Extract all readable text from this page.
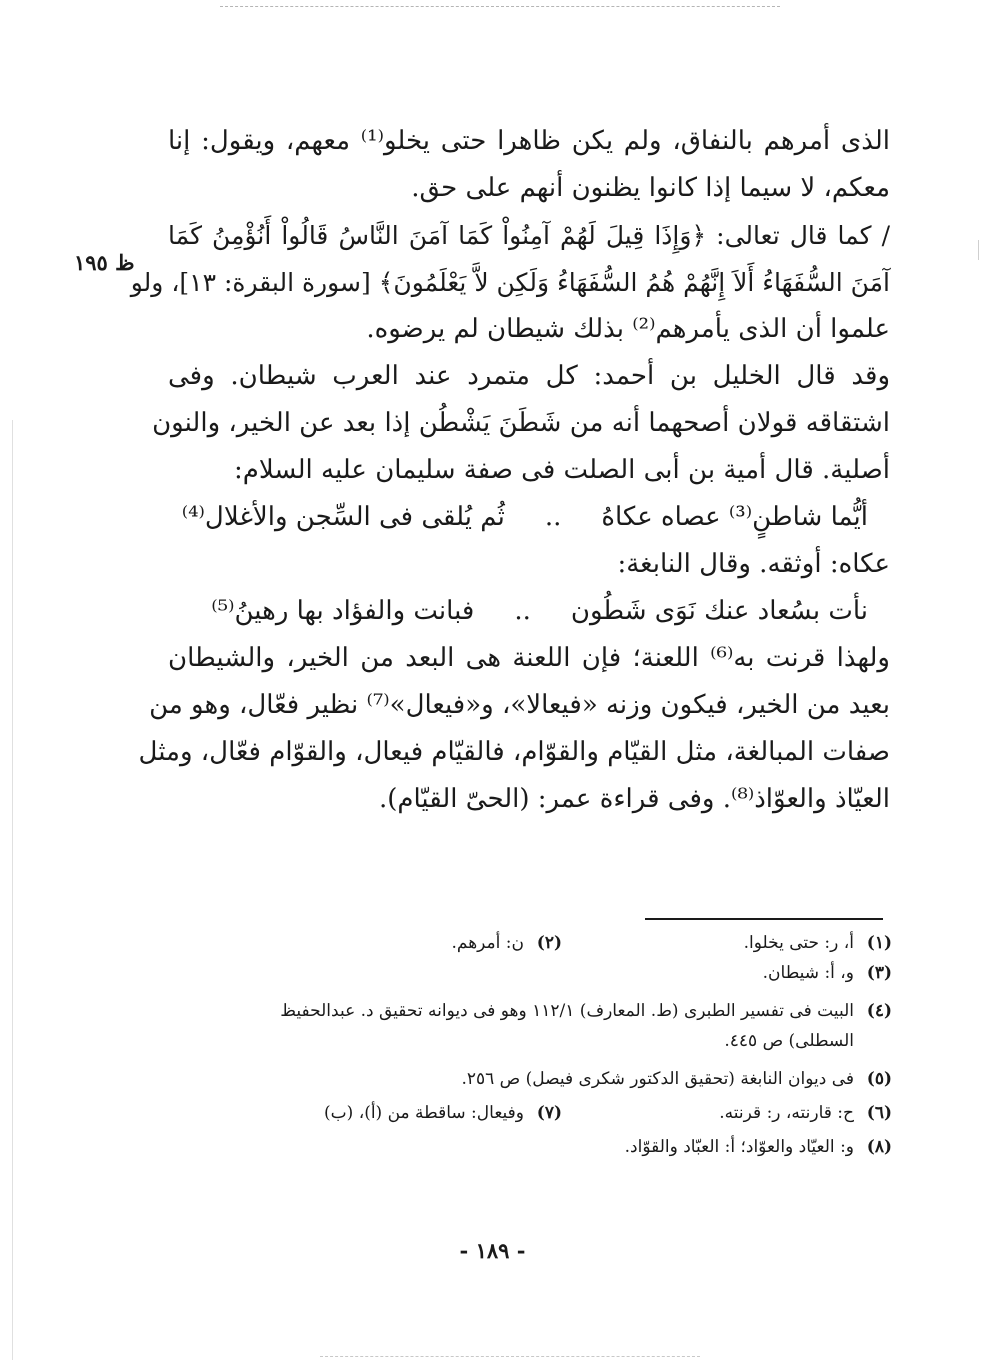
ظ ١٩٥
الذى أمرهم بالنفاق، ولم يكن ظاهرا حتى يخلو⁽¹⁾ معهم، ويقول: إنا
معكم، لا سيما إذا كانوا يظنون أنهم على حق.
/ كما قال تعالى: ﴿وَإِذَا قِيلَ لَهُمْ آمِنُواْ كَمَا آمَنَ النَّاسُ قَالُواْ أَنُؤْمِنُ كَمَا
آمَنَ السُّفَهَاءُ أَلاَ إِنَّهُمْ هُمُ السُّفَهَاءُ وَلَكِن لاَّ يَعْلَمُونَ﴾ [سورة البقرة: ١٣]، ولو
علموا أن الذى يأمرهم⁽²⁾ بذلك شيطان لم يرضوه.
وقد قال الخليل بن أحمد: كل متمرد عند العرب شيطان. وفى
اشتقاقه قولان أصحهما أنه من شَطَنَ يَشْطُن إذا بعد عن الخير، والنون
أصلية. قال أمية بن أبى الصلت فى صفة سليمان عليه السلام:
أيُّما شاطنٍ⁽³⁾ عصاه عكاهُ
..
ثُم يُلقى فى السِّجن والأغلال⁽⁴⁾
عكاه: أوثقه. وقال النابغة:
نأت بسُعاد عنك نَوَى شَطُون
..
فبانت والفؤاد بها رهينُ⁽⁵⁾
ولهذا قرنت به⁽⁶⁾ اللعنة؛ فإن اللعنة هى البعد من الخير، والشيطان
بعيد من الخير، فيكون وزنه «فيعالا»، و«فيعال»⁽⁷⁾ نظير فعّال، وهو من
صفات المبالغة، مثل القيّام والقوّام، فالقيّام فيعال، والقوّام فعّال، ومثل
العيّاذ والعوّاذ⁽⁸⁾. وفى قراءة عمر: (الحىّ القيّام).
(١)
أ، ر: حتى يخلوا.
(٢)
ن: أمرهم.
(٣)
و، أ: شيطان.
(٤)
البيت فى تفسير الطبرى (ط. المعارف) ١١٢/١ وهو فى ديوانه تحقيق د. عبدالحفيظ
السطلى) ص ٤٤٥.
(٥)
فى ديوان النابغة (تحقيق الدكتور شكرى فيصل) ص ٢٥٦.
(٦)
ح: قارنته، ر: قرنته.
(٧)
وفيعال: ساقطة من (أ)، (ب)
(٨)
و: العيّاد والعوّاد؛ أ: العبّاد والقوّاد.
- ١٨٩ -
